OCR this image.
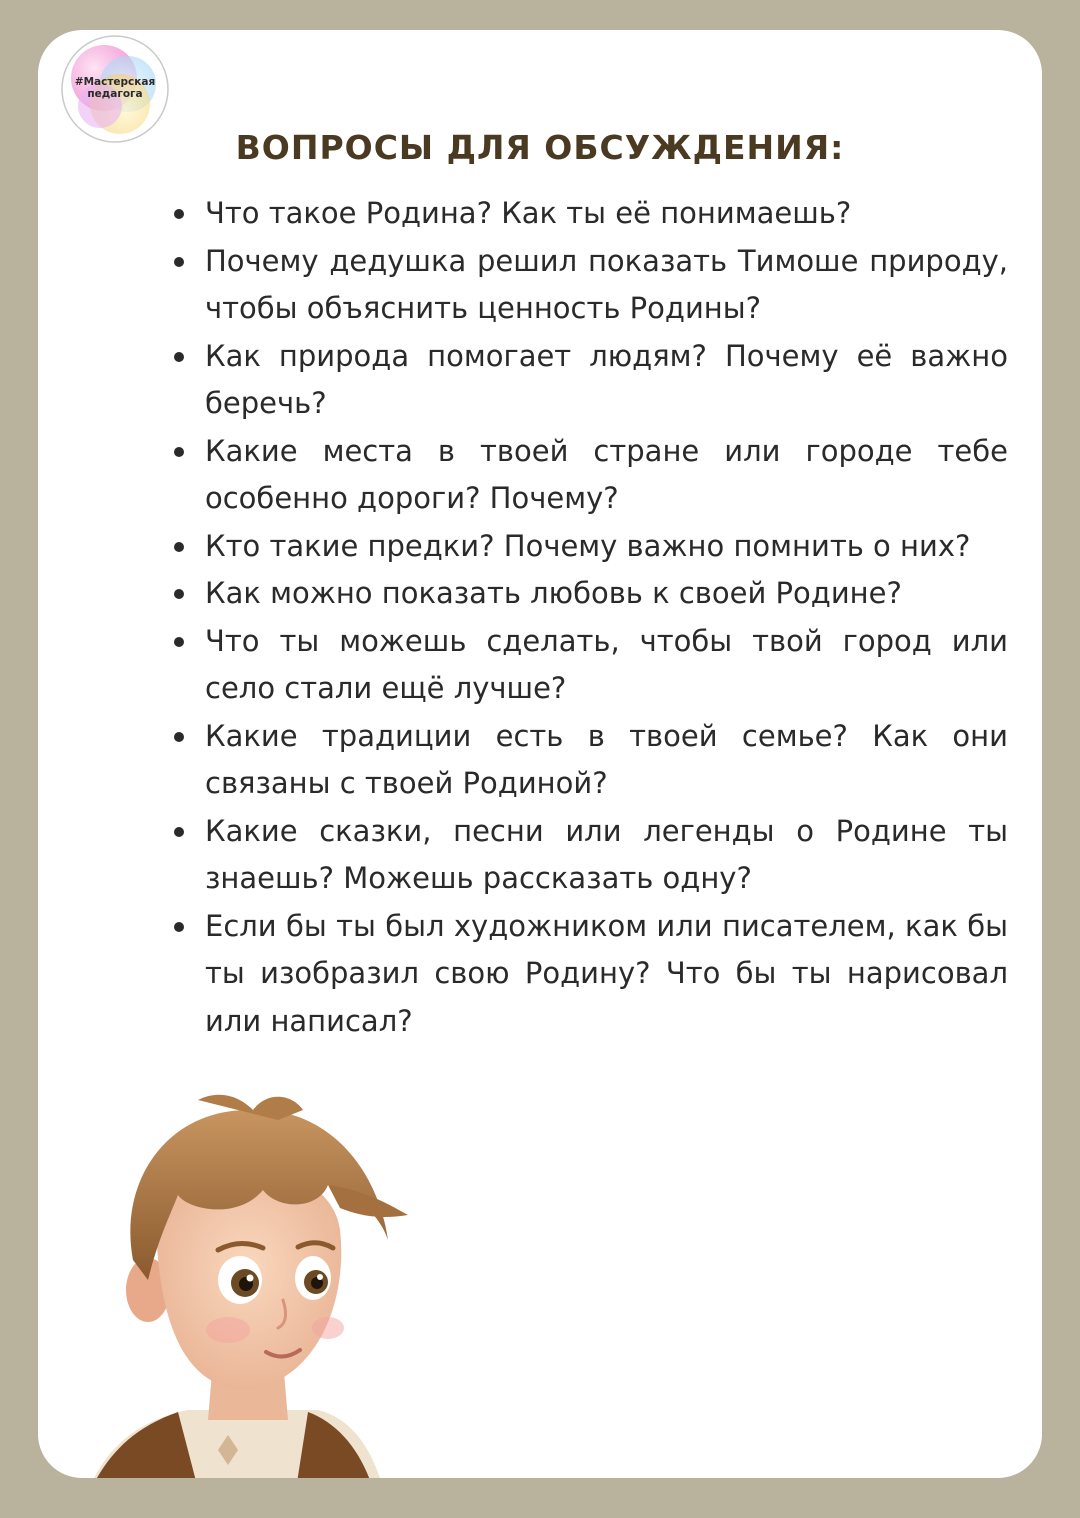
#Мастерская
педагога
ВОПРОСЫ ДЛЯ ОБСУЖДЕНИЯ:
Что такое Родина? Как ты её понимаешь?
Почему дедушка решил показать Тимоше природу, чтобы объяснить ценность Родины?
Как природа помогает людям? Почему её важно беречь?
Какие места в твоей стране или городе тебе особенно дороги? Почему?
Кто такие предки? Почему важно помнить о них?
Как можно показать любовь к своей Родине?
Что ты можешь сделать, чтобы твой город или село стали ещё лучше?
Какие традиции есть в твоей семье? Как они связаны с твоей Родиной?
Какие сказки, песни или легенды о Родине ты знаешь? Можешь рассказать одну?
Если бы ты был художником или писателем, как бы ты изобразил свою Родину? Что бы ты нарисовал или написал?
